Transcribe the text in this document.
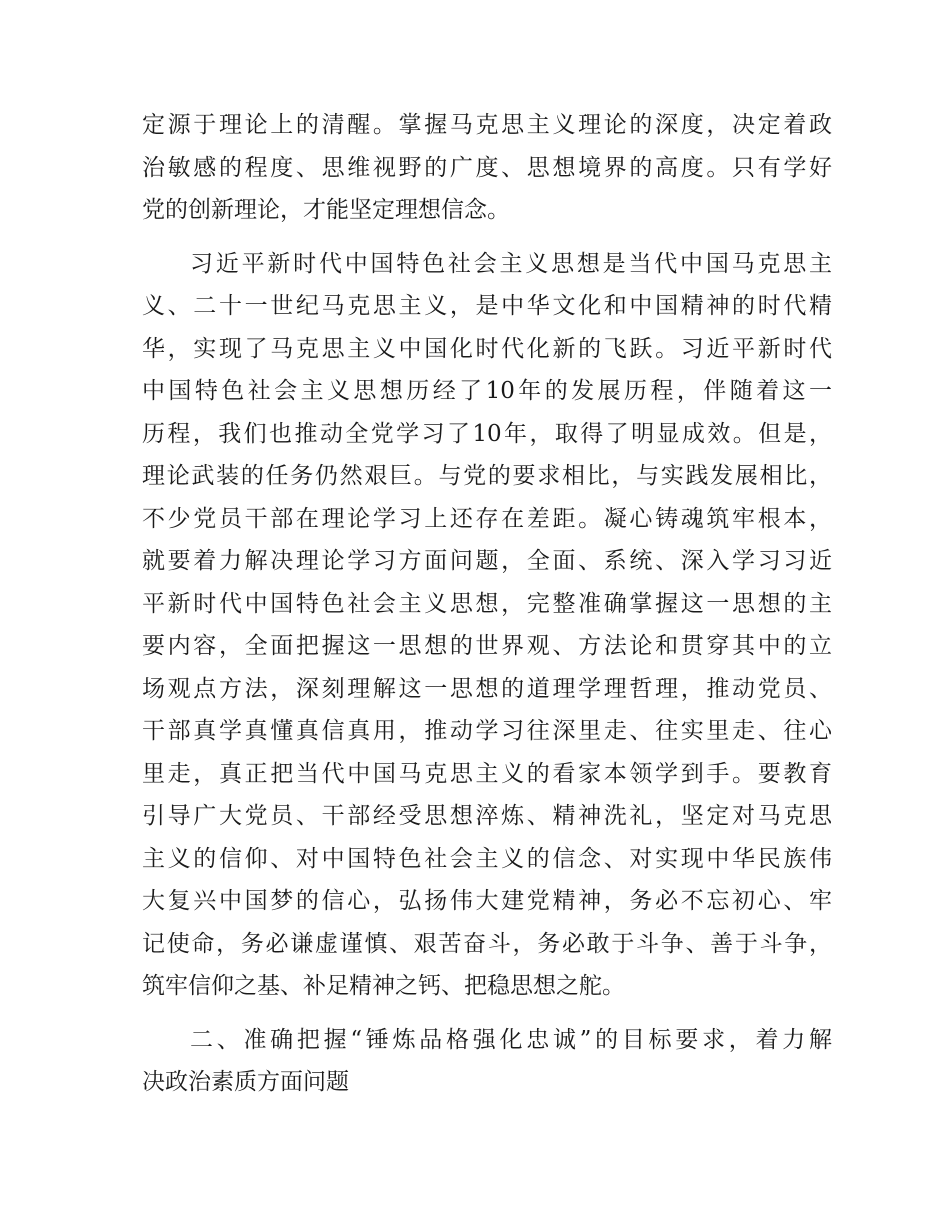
定源于理论上的清醒。掌握马克思主义理论的深度，决定着政
治敏感的程度、思维视野的广度、思想境界的高度。只有学好
党的创新理论，才能坚定理想信念。
习近平新时代中国特色社会主义思想是当代中国马克思主
义、二十一世纪马克思主义，是中华文化和中国精神的时代精
华，实现了马克思主义中国化时代化新的飞跃。习近平新时代
中国特色社会主义思想历经了10年的发展历程，伴随着这一
历程，我们也推动全党学习了10年，取得了明显成效。但是，
理论武装的任务仍然艰巨。与党的要求相比，与实践发展相比，
不少党员干部在理论学习上还存在差距。凝心铸魂筑牢根本，
就要着力解决理论学习方面问题，全面、系统、深入学习习近
平新时代中国特色社会主义思想，完整准确掌握这一思想的主
要内容，全面把握这一思想的世界观、方法论和贯穿其中的立
场观点方法，深刻理解这一思想的道理学理哲理，推动党员、
干部真学真懂真信真用，推动学习往深里走、往实里走、往心
里走，真正把当代中国马克思主义的看家本领学到手。要教育
引导广大党员、干部经受思想淬炼、精神洗礼，坚定对马克思
主义的信仰、对中国特色社会主义的信念、对实现中华民族伟
大复兴中国梦的信心，弘扬伟大建党精神，务必不忘初心、牢
记使命，务必谦虚谨慎、艰苦奋斗，务必敢于斗争、善于斗争，
筑牢信仰之基、补足精神之钙、把稳思想之舵。
二、准确把握“锤炼品格强化忠诚”的目标要求，着力解
决政治素质方面问题
